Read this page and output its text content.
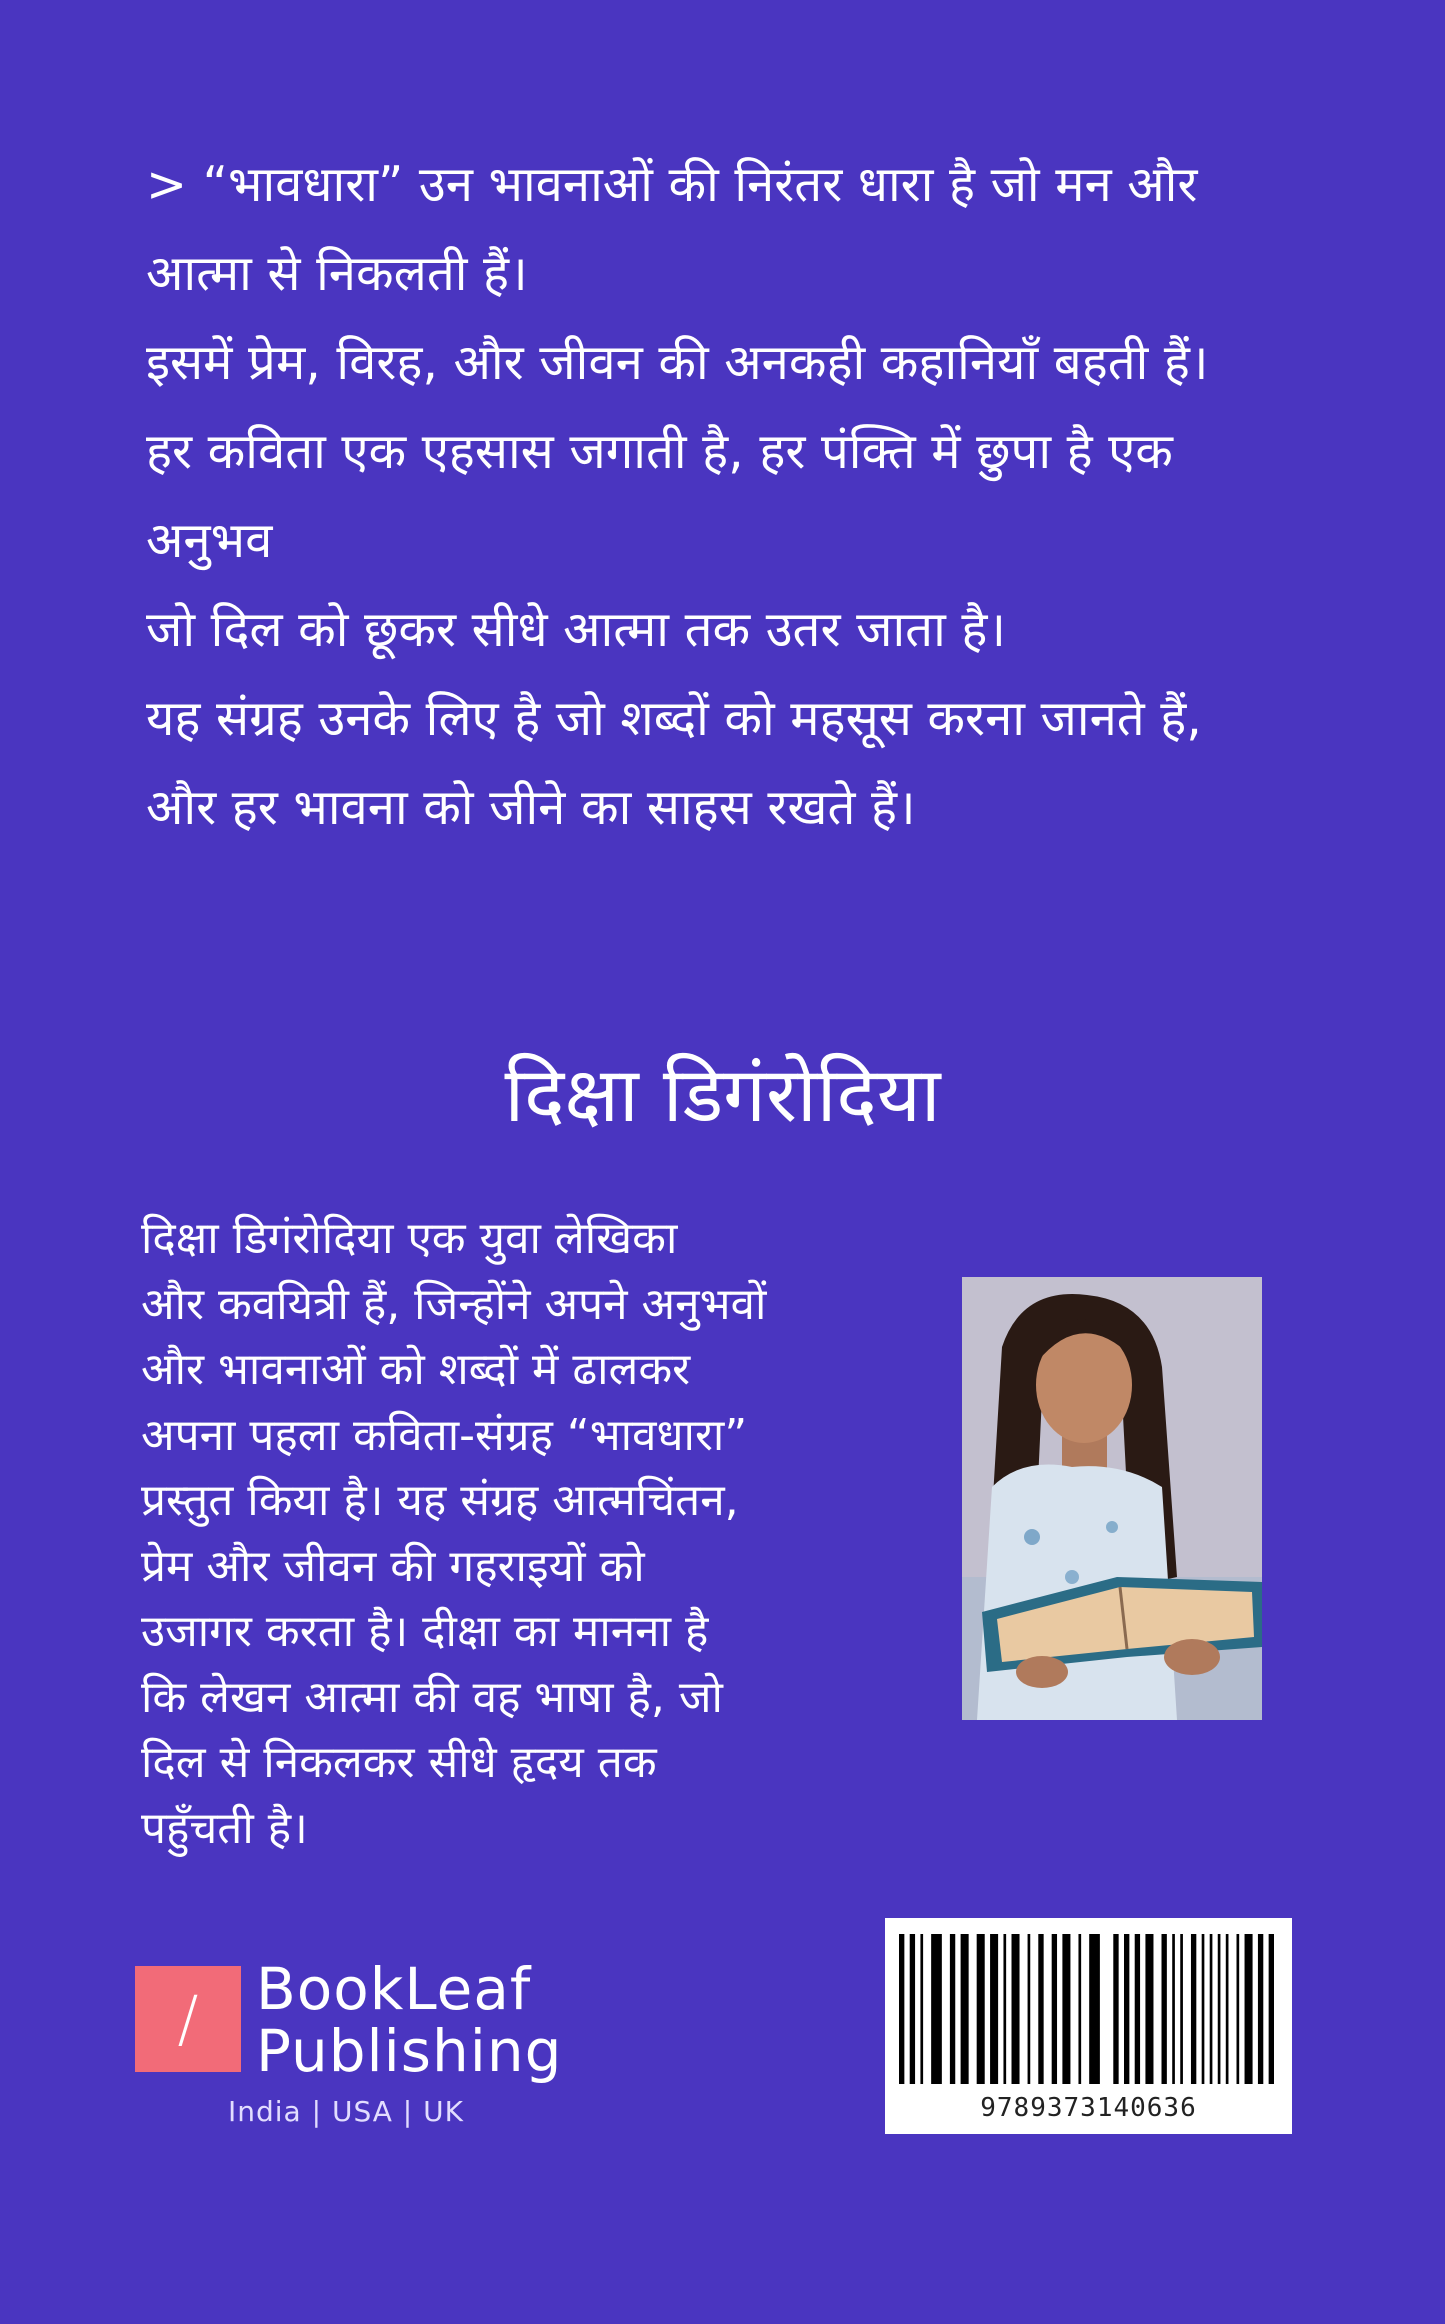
> “भावधारा” उन भावनाओं की निरंतर धारा है जो मन और
आत्मा से निकलती हैं।
इसमें प्रेम, विरह, और जीवन की अनकही कहानियाँ बहती हैं।
हर कविता एक एहसास जगाती है, हर पंक्ति में छुपा है एक
अनुभव
जो दिल को छूकर सीधे आत्मा तक उतर जाता है।
यह संग्रह उनके लिए है जो शब्दों को महसूस करना जानते हैं,
और हर भावना को जीने का साहस रखते हैं।
दिक्षा डिगंरोदिया
दिक्षा डिगंरोदिया एक युवा लेखिका
और कवयित्री हैं, जिन्होंने अपने अनुभवों
और भावनाओं को शब्दों में ढालकर
अपना पहला कविता-संग्रह “भावधारा”
प्रस्तुत किया है। यह संग्रह आत्मचिंतन,
प्रेम और जीवन की गहराइयों को
उजागर करता है। दीक्षा का मानना है
कि लेखन आत्मा की वह भाषा है, जो
दिल से निकलकर सीधे हृदय तक
पहुँचती है।
/ BookLeaf
Publishing
India | USA | UK	9789373140636
